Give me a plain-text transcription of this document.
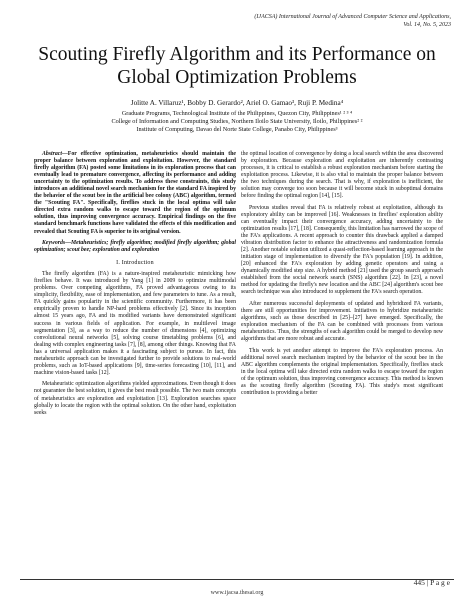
(IJACSA) International Journal of Advanced Computer Science and Applications,
Vol. 14, No. 5, 2023
Scouting Firefly Algorithm and its Performance on
Global Optimization Problems
Jolitte A. Villaruz¹, Bobby D. Gerardo², Ariel O. Gamao³, Ruji P. Medina⁴
Graduate Programs, Technological Institute of the Philippines, Quezon City, Philippines¹ ² ³ ⁴
College of Information and Computing Studies, Northern Iloilo State University, Iloilo, Philippines² ²
Institute of Computing, Davao del Norte State College, Panabo City, Philippines³

Abstract—For effective optimization, metaheuristics should maintain the proper balance between exploration and exploitation. However, the standard firefly algorithm (FA) posted some limitations in its exploration process that can eventually lead to premature convergence, affecting its performance and adding uncertainty to the optimization results. To address these constraints, this study introduces an additional novel search mechanism for the standard FA inspired by the behavior of the scout bee in the artificial bee colony (ABC) algorithm, termed the "Scouting FA". Specifically, fireflies stuck in the local optima will take directed extra random walks to escape toward the region of the optimum solution, thus improving convergence accuracy. Empirical findings on the five standard benchmark functions have validated the effects of this modification and revealed that Scouting FA is superior to its original version.

Keywords—Metaheuristics; firefly algorithm; modified firefly algorithm; global optimization; scout bee; exploration and exploration

I. Introduction

The firefly algorithm (FA) is a nature-inspired metaheuristic mimicking how fireflies behave. It was introduced by Yang [1] in 2009 to optimize multimodal problems. Over competing algorithms, FA proved advantageous owing to its simplicity, flexibility, ease of implementation, and few parameters to tune. As a result, FA quickly gains popularity in the scientific community. Furthermore, it has been empirically proven to handle NP-hard problems effectively [2]. Since its inception almost 15 years ago, FA and its modified variants have demonstrated significant success in various fields of application. For example, in multilevel image segmentation [3], as a way to reduce the number of dimensions [4], optimizing convolutional neural networks [5], solving course timetabling problems [6], and dealing with complex engineering tasks [7], [8], among other things. Knowing that FA has a universal application makes it a fascinating subject to pursue. In fact, this metaheuristic approach can be investigated further to provide solutions to real-world problems, such as IoT-based applications [9], time-series forecasting [10], [11], and machine vision-based tasks [12].

Metaheuristic optimization algorithms yielded approximations. Even though it does not guarantee the best solution, it gives the best result possible. The two main concepts of metaheuristics are exploration and exploitation [13]. Exploration searches space globally to locate the region with the optimal solution. On the other hand, exploitation seeks

the optimal location of convergence by doing a local search within the area discovered by exploration. Because exploration and exploitation are inherently contrasting processes, it is critical to establish a robust exploration mechanism before starting the exploitation process. Likewise, it is also vital to maintain the proper balance between the two techniques during the search. That is why, if exploration is inefficient, the solution may converge too soon because it will become stuck in suboptimal domains before finding the optimal region [14], [15].

Previous studies reveal that FA is relatively robust at exploitation, although its exploratory ability can be improved [16]. Weaknesses in fireflies' exploration ability can eventually impact their convergence accuracy, adding uncertainty to the optimization results [17], [18]. Consequently, this limitation has narrowed the scope of the FA's applications. A recent approach to counter this drawback applied a damped vibration distribution factor to enhance the attractiveness and randomization formula [2]. Another notable solution utilized a quasi-reflection-based learning approach in the initiation stage of implementation to diversify the FA's population [19]. In addition, [20] enhanced the FA's exploration by adding genetic operators and using a dynamically modified step size. A hybrid method [21] used the group search approach established from the social network search (SNS) algorithm [22]. In [23], a novel method for updating the firefly's new location and the ABC [24] algorithm's scout bee search technique was also introduced to supplement the FA's search operation.

After numerous successful deployments of updated and hybridized FA variants, there are still opportunities for improvement. Initiatives to hybridize metaheuristic algorithms, such as those described in [25]–[27] have emerged. Specifically, the exploration mechanism of the FA can be combined with processes from various metaheuristics. Thus, the strengths of each algorithm could be merged to develop new algorithms that are more robust and accurate.

This work is yet another attempt to improve the FA's exploration process. An additional novel search mechanism inspired by the behavior of the scout bee in the ABC algorithm complements the original implementation. Specifically, fireflies stuck in the local optima will take directed extra random walks to escape toward the region of the optimum solution, thus improving convergence accuracy. This method is known as the scouting firefly algorithm (Scouting FA). This study's most significant contribution is providing a better

445 | P a g e
www.ijacsa.thesai.org
